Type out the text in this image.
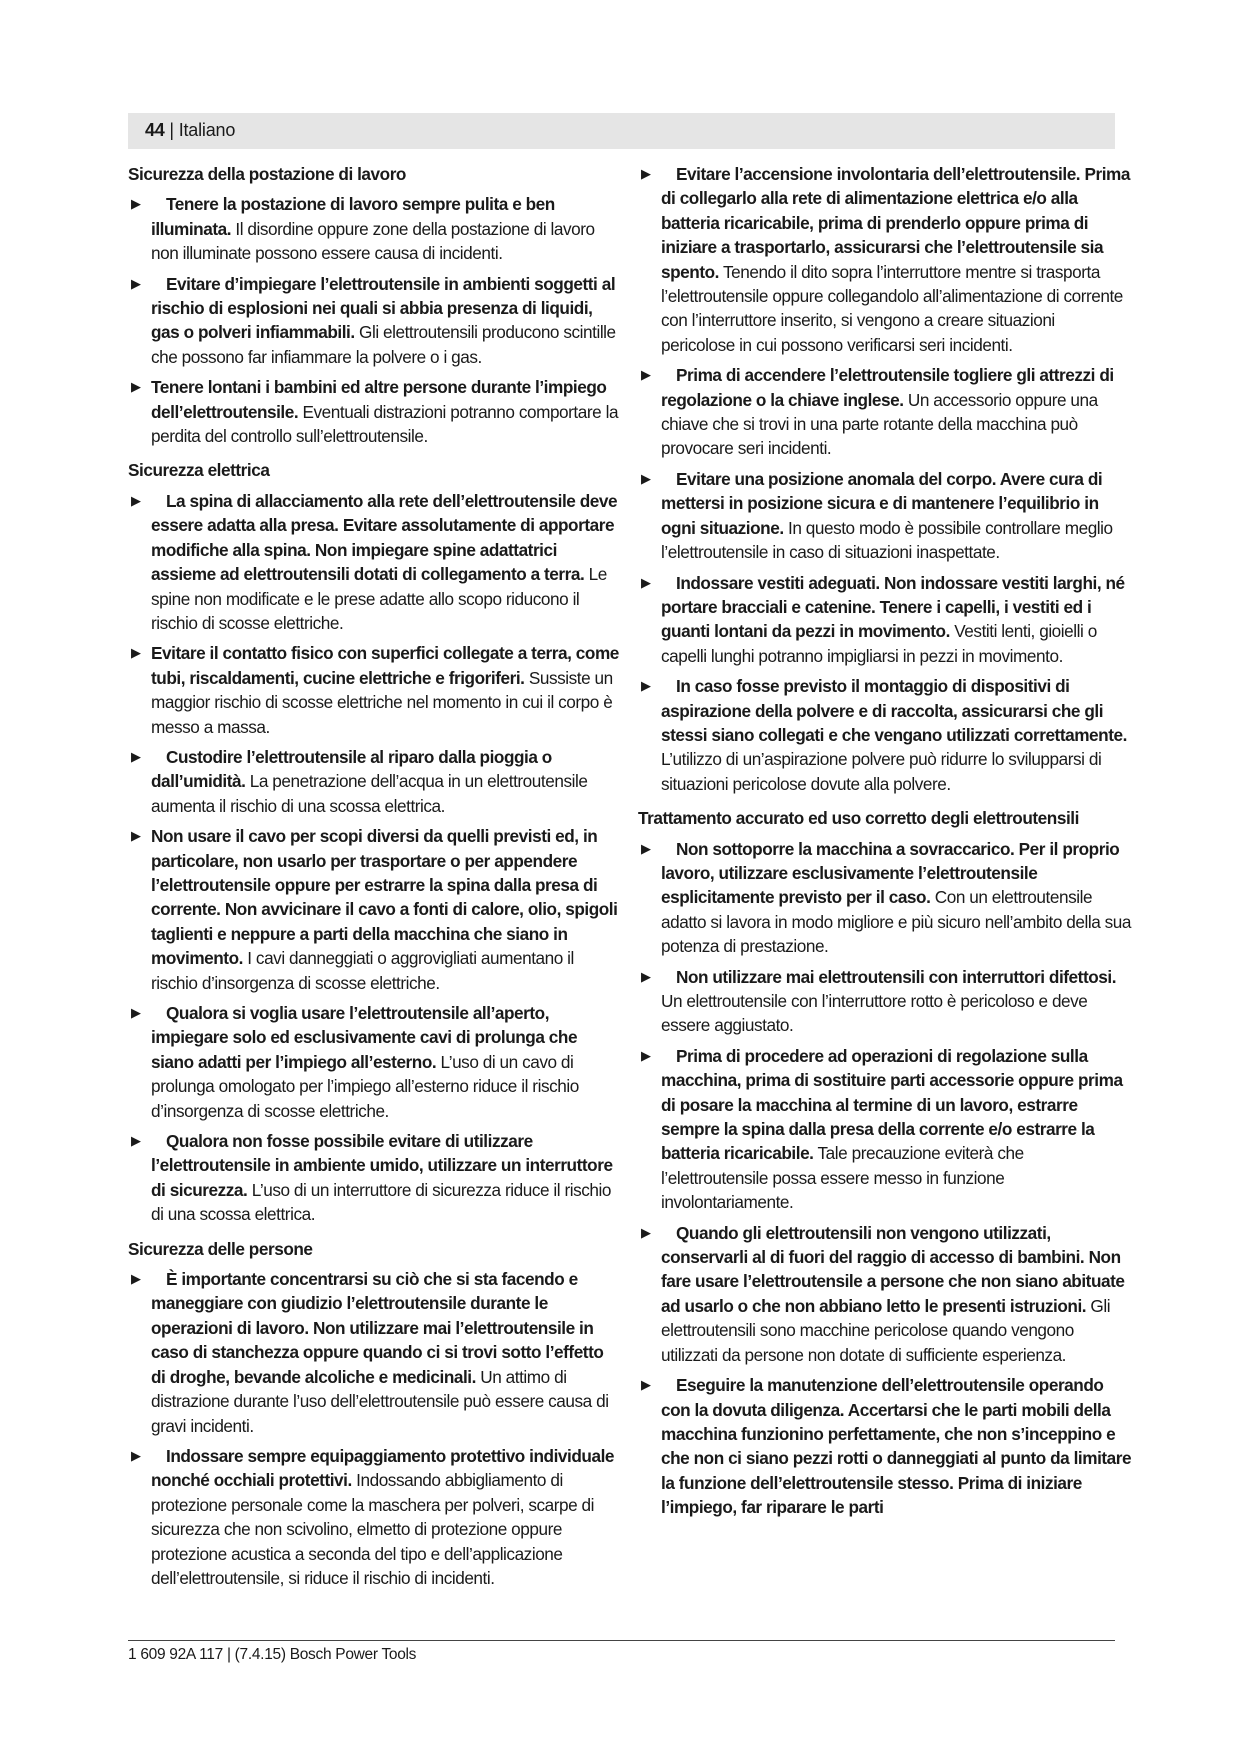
44 | Italiano
Sicurezza della postazione di lavoro
▶ Tenere la postazione di lavoro sempre pulita e ben illuminata. Il disordine oppure zone della postazione di lavoro non illuminate possono essere causa di incidenti.
▶ Evitare d’impiegare l’elettroutensile in ambienti soggetti al rischio di esplosioni nei quali si abbia presenza di liquidi, gas o polveri infiammabili. Gli elettroutensili producono scintille che possono far infiammare la polvere o i gas.
▶ Tenere lontani i bambini ed altre persone durante l’impiego dell’elettroutensile. Eventuali distrazioni potranno comportare la perdita del controllo sull’elettroutensile.
Sicurezza elettrica
▶ La spina di allacciamento alla rete dell’elettroutensile deve essere adatta alla presa. Evitare assolutamente di apportare modifiche alla spina. Non impiegare spine adattatrici assieme ad elettroutensili dotati di collegamento a terra. Le spine non modificate e le prese adatte allo scopo riducono il rischio di scosse elettriche.
▶ Evitare il contatto fisico con superfici collegate a terra, come tubi, riscaldamenti, cucine elettriche e frigoriferi. Sussiste un maggior rischio di scosse elettriche nel momento in cui il corpo è messo a massa.
▶ Custodire l’elettroutensile al riparo dalla pioggia o dall’umidità. La penetrazione dell’acqua in un elettroutensile aumenta il rischio di una scossa elettrica.
▶ Non usare il cavo per scopi diversi da quelli previsti ed, in particolare, non usarlo per trasportare o per appendere l’elettroutensile oppure per estrarre la spina dalla presa di corrente. Non avvicinare il cavo a fonti di calore, olio, spigoli taglienti e neppure a parti della macchina che siano in movimento. I cavi danneggiati o aggrovigliati aumentano il rischio d’insorgenza di scosse elettriche.
▶ Qualora si voglia usare l’elettroutensile all’aperto, impiegare solo ed esclusivamente cavi di prolunga che siano adatti per l’impiego all’esterno. L’uso di un cavo di prolunga omologato per l’impiego all’esterno riduce il rischio d’insorgenza di scosse elettriche.
▶ Qualora non fosse possibile evitare di utilizzare l’elettroutensile in ambiente umido, utilizzare un interruttore di sicurezza. L’uso di un interruttore di sicurezza riduce il rischio di una scossa elettrica.
Sicurezza delle persone
▶ È importante concentrarsi su ciò che si sta facendo e maneggiare con giudizio l’elettroutensile durante le operazioni di lavoro. Non utilizzare mai l’elettroutensile in caso di stanchezza oppure quando ci si trovi sotto l’effetto di droghe, bevande alcoliche e medicinali. Un attimo di distrazione durante l’uso dell’elettroutensile può essere causa di gravi incidenti.
▶ Indossare sempre equipaggiamento protettivo individuale nonché occhiali protettivi. Indossando abbigliamento di protezione personale come la maschera per polveri, scarpe di sicurezza che non scivolino, elmetto di protezione oppure protezione acustica a seconda del tipo e dell’applicazione dell’elettroutensile, si riduce il rischio di incidenti.
▶ Evitare l’accensione involontaria dell’elettroutensile. Prima di collegarlo alla rete di alimentazione elettrica e/o alla batteria ricaricabile, prima di prenderlo oppure prima di iniziare a trasportarlo, assicurarsi che l’elettroutensile sia spento. Tenendo il dito sopra l’interruttore mentre si trasporta l’elettroutensile oppure collegandolo all’alimentazione di corrente con l’interruttore inserito, si vengono a creare situazioni pericolose in cui possono verificarsi seri incidenti.
▶ Prima di accendere l’elettroutensile togliere gli attrezzi di regolazione o la chiave inglese. Un accessorio oppure una chiave che si trovi in una parte rotante della macchina può provocare seri incidenti.
▶ Evitare una posizione anomala del corpo. Avere cura di mettersi in posizione sicura e di mantenere l’equilibrio in ogni situazione. In questo modo è possibile controllare meglio l’elettroutensile in caso di situazioni inaspettate.
▶ Indossare vestiti adeguati. Non indossare vestiti larghi, né portare bracciali e catenine. Tenere i capelli, i vestiti ed i guanti lontani da pezzi in movimento. Vestiti lenti, gioielli o capelli lunghi potranno impigliarsi in pezzi in movimento.
▶ In caso fosse previsto il montaggio di dispositivi di aspirazione della polvere e di raccolta, assicurarsi che gli stessi siano collegati e che vengano utilizzati correttamente. L’utilizzo di un’aspirazione polvere può ridurre lo svilupparsi di situazioni pericolose dovute alla polvere.
Trattamento accurato ed uso corretto degli elettroutensili
▶ Non sottoporre la macchina a sovraccarico. Per il proprio lavoro, utilizzare esclusivamente l’elettroutensile esplicitamente previsto per il caso. Con un elettroutensile adatto si lavora in modo migliore e più sicuro nell’ambito della sua potenza di prestazione.
▶ Non utilizzare mai elettroutensili con interruttori difettosi. Un elettroutensile con l’interruttore rotto è pericoloso e deve essere aggiustato.
▶ Prima di procedere ad operazioni di regolazione sulla macchina, prima di sostituire parti accessorie oppure prima di posare la macchina al termine di un lavoro, estrarre sempre la spina dalla presa della corrente e/o estrarre la batteria ricaricabile. Tale precauzione eviterà che l’elettroutensile possa essere messo in funzione involontariamente.
▶ Quando gli elettroutensili non vengono utilizzati, conservarli al di fuori del raggio di accesso di bambini. Non fare usare l’elettroutensile a persone che non siano abituate ad usarlo o che non abbiano letto le presenti istruzioni. Gli elettroutensili sono macchine pericolose quando vengono utilizzati da persone non dotate di sufficiente esperienza.
▶ Eseguire la manutenzione dell’elettroutensile operando con la dovuta diligenza. Accertarsi che le parti mobili della macchina funzionino perfettamente, che non s’inceppino e che non ci siano pezzi rotti o danneggiati al punto da limitare la funzione dell’elettroutensile stesso. Prima di iniziare l’impiego, far riparare le parti
1 609 92A 117 | (7.4.15) Bosch Power Tools
